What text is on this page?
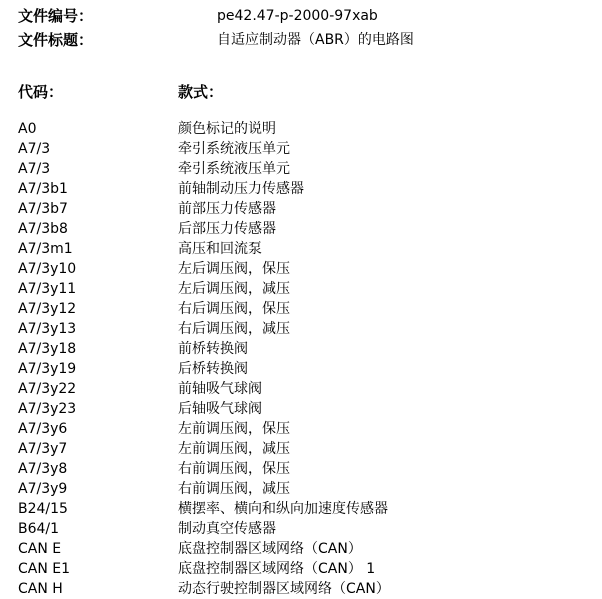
文件编号：	pe42.47-p-2000-97xab
文件标题：	自适应制动器（ABR）的电路图
代码：	款式：
A0	颜色标记的说明
A7/3	牵引系统液压单元
A7/3	牵引系统液压单元
A7/3b1	前轴制动压力传感器
A7/3b7	前部压力传感器
A7/3b8	后部压力传感器
A7/3m1	高压和回流泵
A7/3y10	左后调压阀，保压
A7/3y11	左后调压阀，减压
A7/3y12	右后调压阀，保压
A7/3y13	右后调压阀，减压
A7/3y18	前桥转换阀
A7/3y19	后桥转换阀
A7/3y22	前轴吸气球阀
A7/3y23	后轴吸气球阀
A7/3y6	左前调压阀，保压
A7/3y7	左前调压阀，减压
A7/3y8	右前调压阀，保压
A7/3y9	右前调压阀，减压
B24/15	横摆率、横向和纵向加速度传感器
B64/1	制动真空传感器
CAN E	底盘控制器区域网络（CAN）
CAN E1	底盘控制器区域网络（CAN） 1
CAN H	动态行驶控制器区域网络（CAN）
